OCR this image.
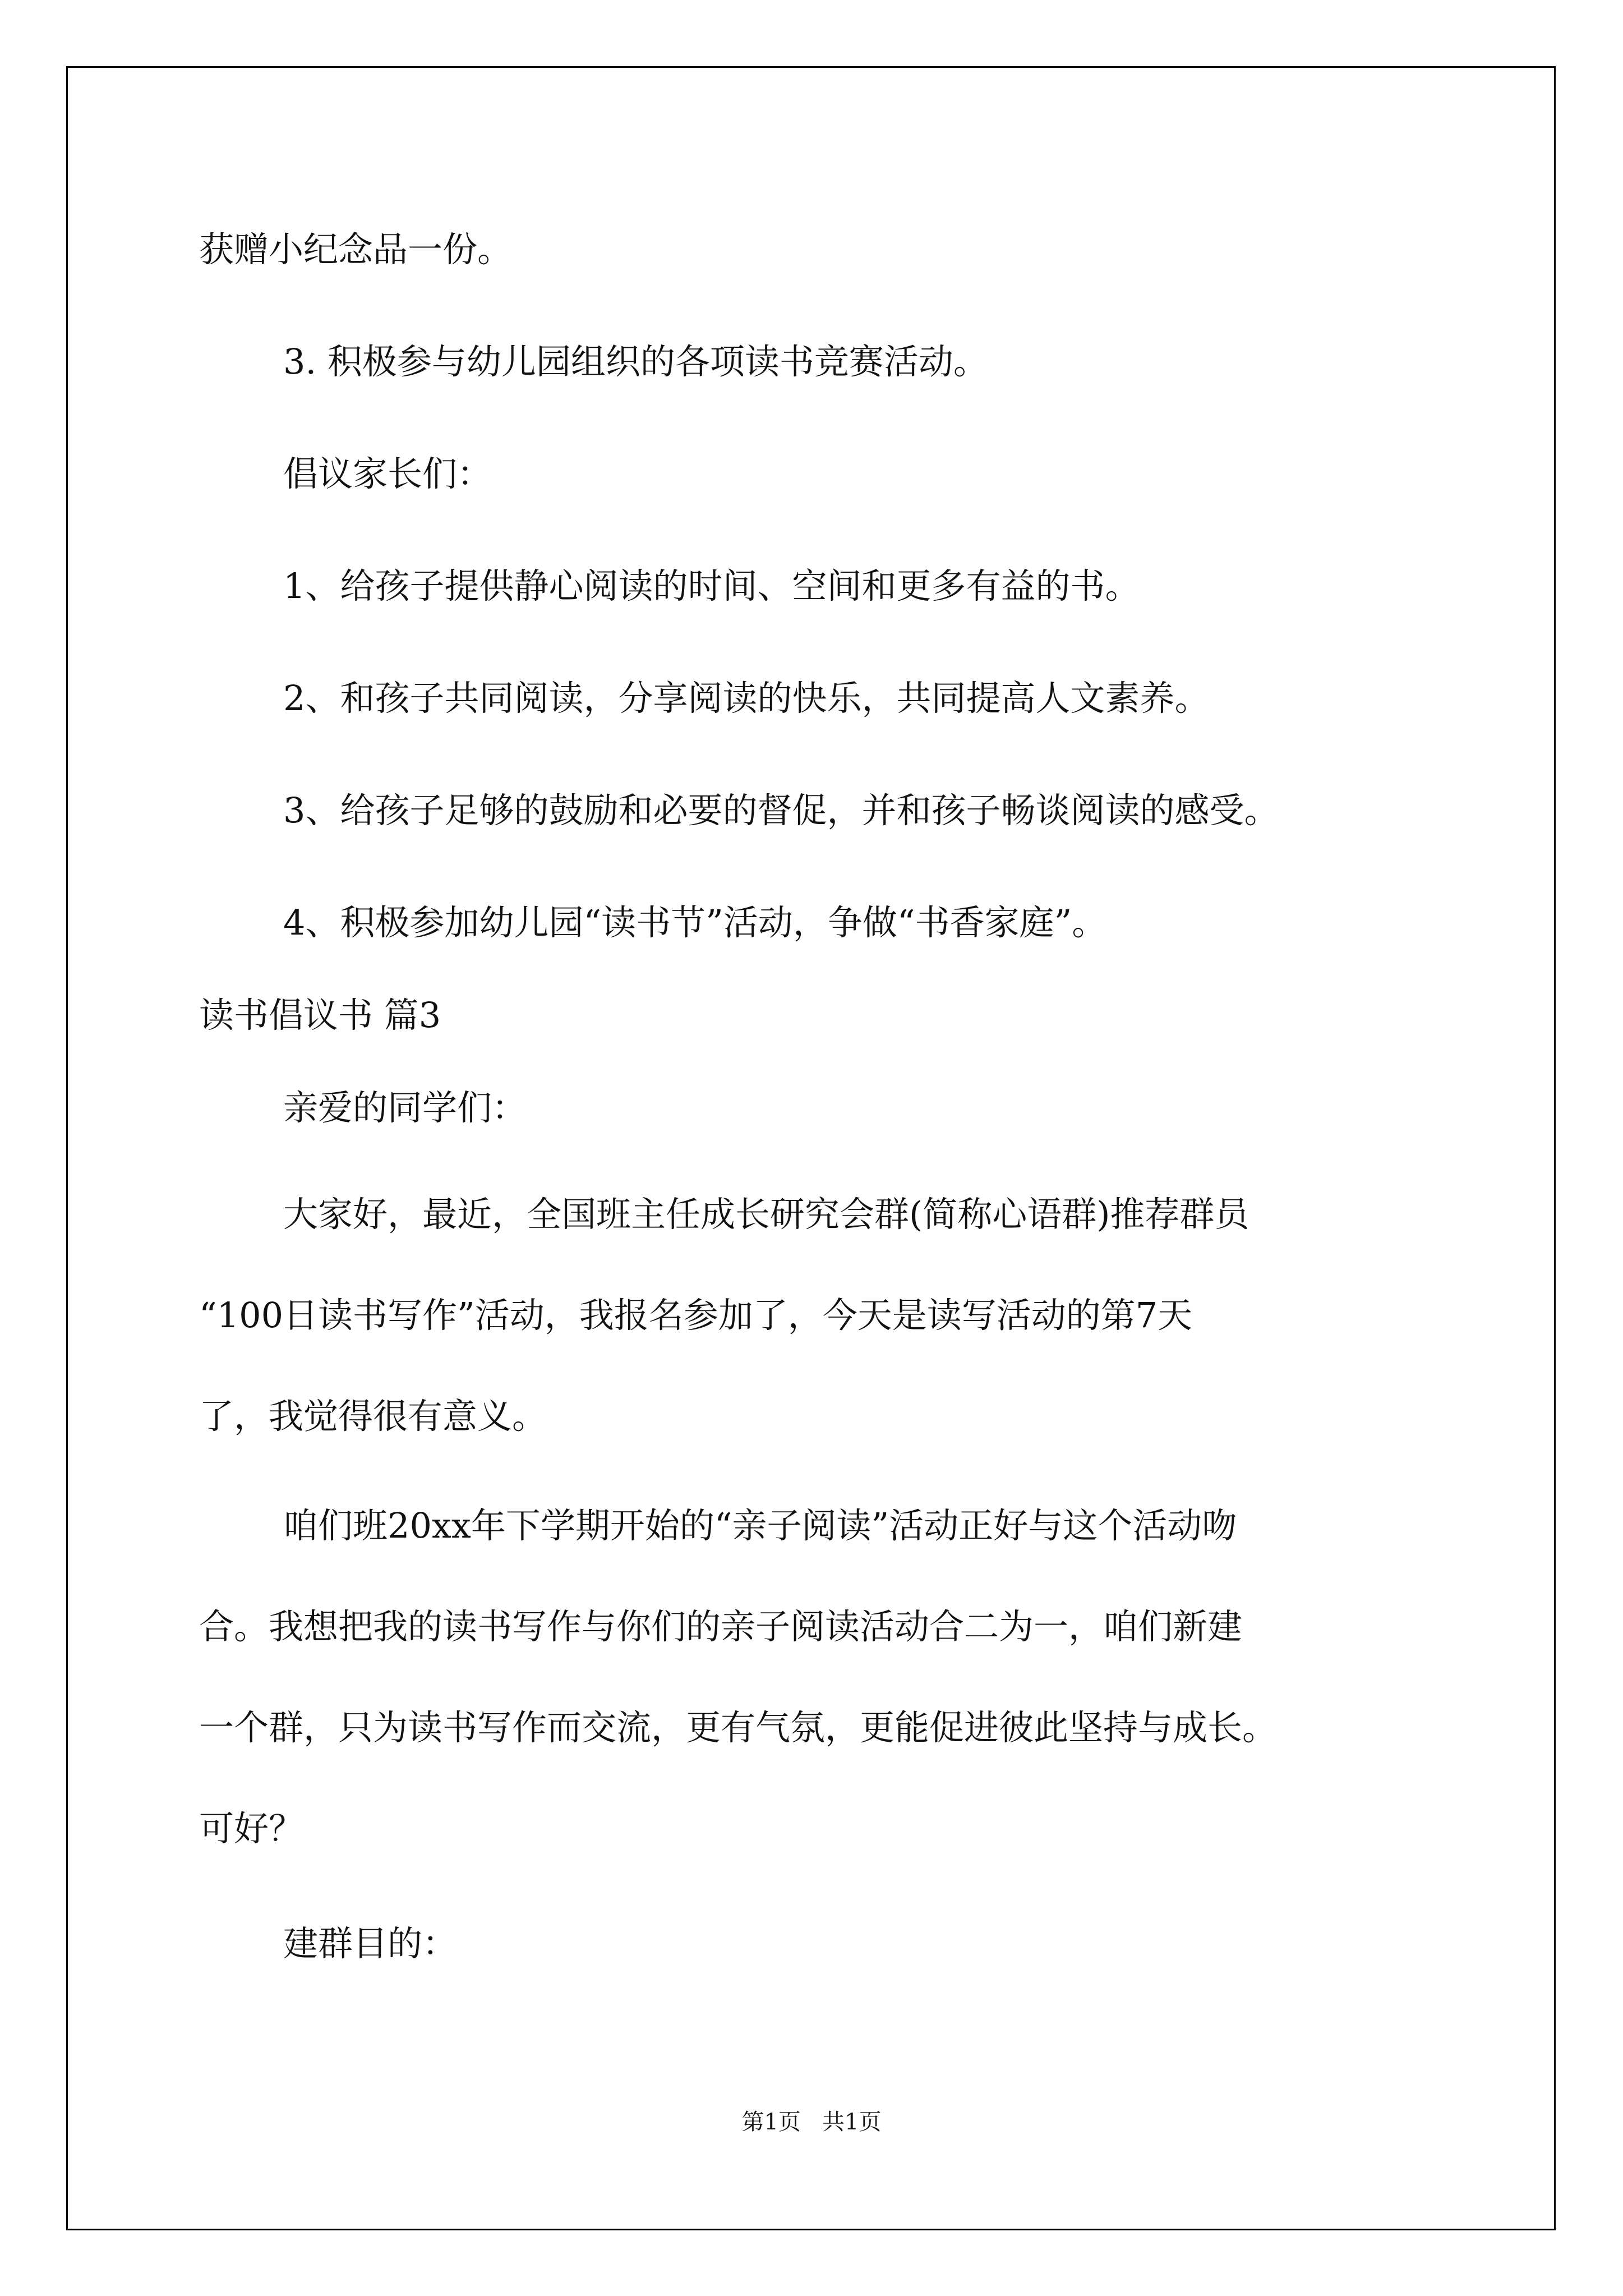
获赠小纪念品一份。

3. 积极参与幼儿园组织的各项读书竞赛活动。

倡议家长们：

1、给孩子提供静心阅读的时间、空间和更多有益的书。

2、和孩子共同阅读，分享阅读的快乐，共同提高人文素养。

3、给孩子足够的鼓励和必要的督促，并和孩子畅谈阅读的感受。

4、积极参加幼儿园“读书节”活动，争做“书香家庭”。

读书倡议书 篇3

亲爱的同学们：

大家好，最近，全国班主任成长研究会群(简称心语群)推荐群员

“100日读书写作”活动，我报名参加了，今天是读写活动的第7天

了，我觉得很有意义。

咱们班20xx年下学期开始的“亲子阅读”活动正好与这个活动吻

合。我想把我的读书写作与你们的亲子阅读活动合二为一，咱们新建

一个群，只为读书写作而交流，更有气氛，更能促进彼此坚持与成长。

可好？

建群目的：

第1页   共1页
